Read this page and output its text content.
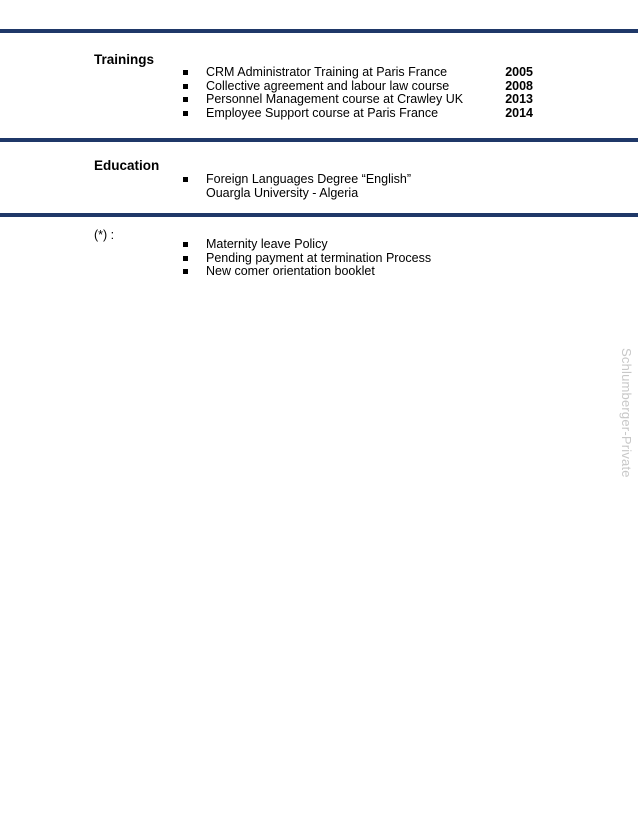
Trainings
CRM Administrator Training at Paris France	2005
Collective agreement and labour law course	2008
Personnel Management course at Crawley UK	2013
Employee Support course at Paris France	2014
Education
Foreign Languages Degree “English”
Ouargla University - Algeria
(*) :
Maternity leave Policy
Pending payment at termination Process
New comer orientation booklet
Schlumberger-Private
